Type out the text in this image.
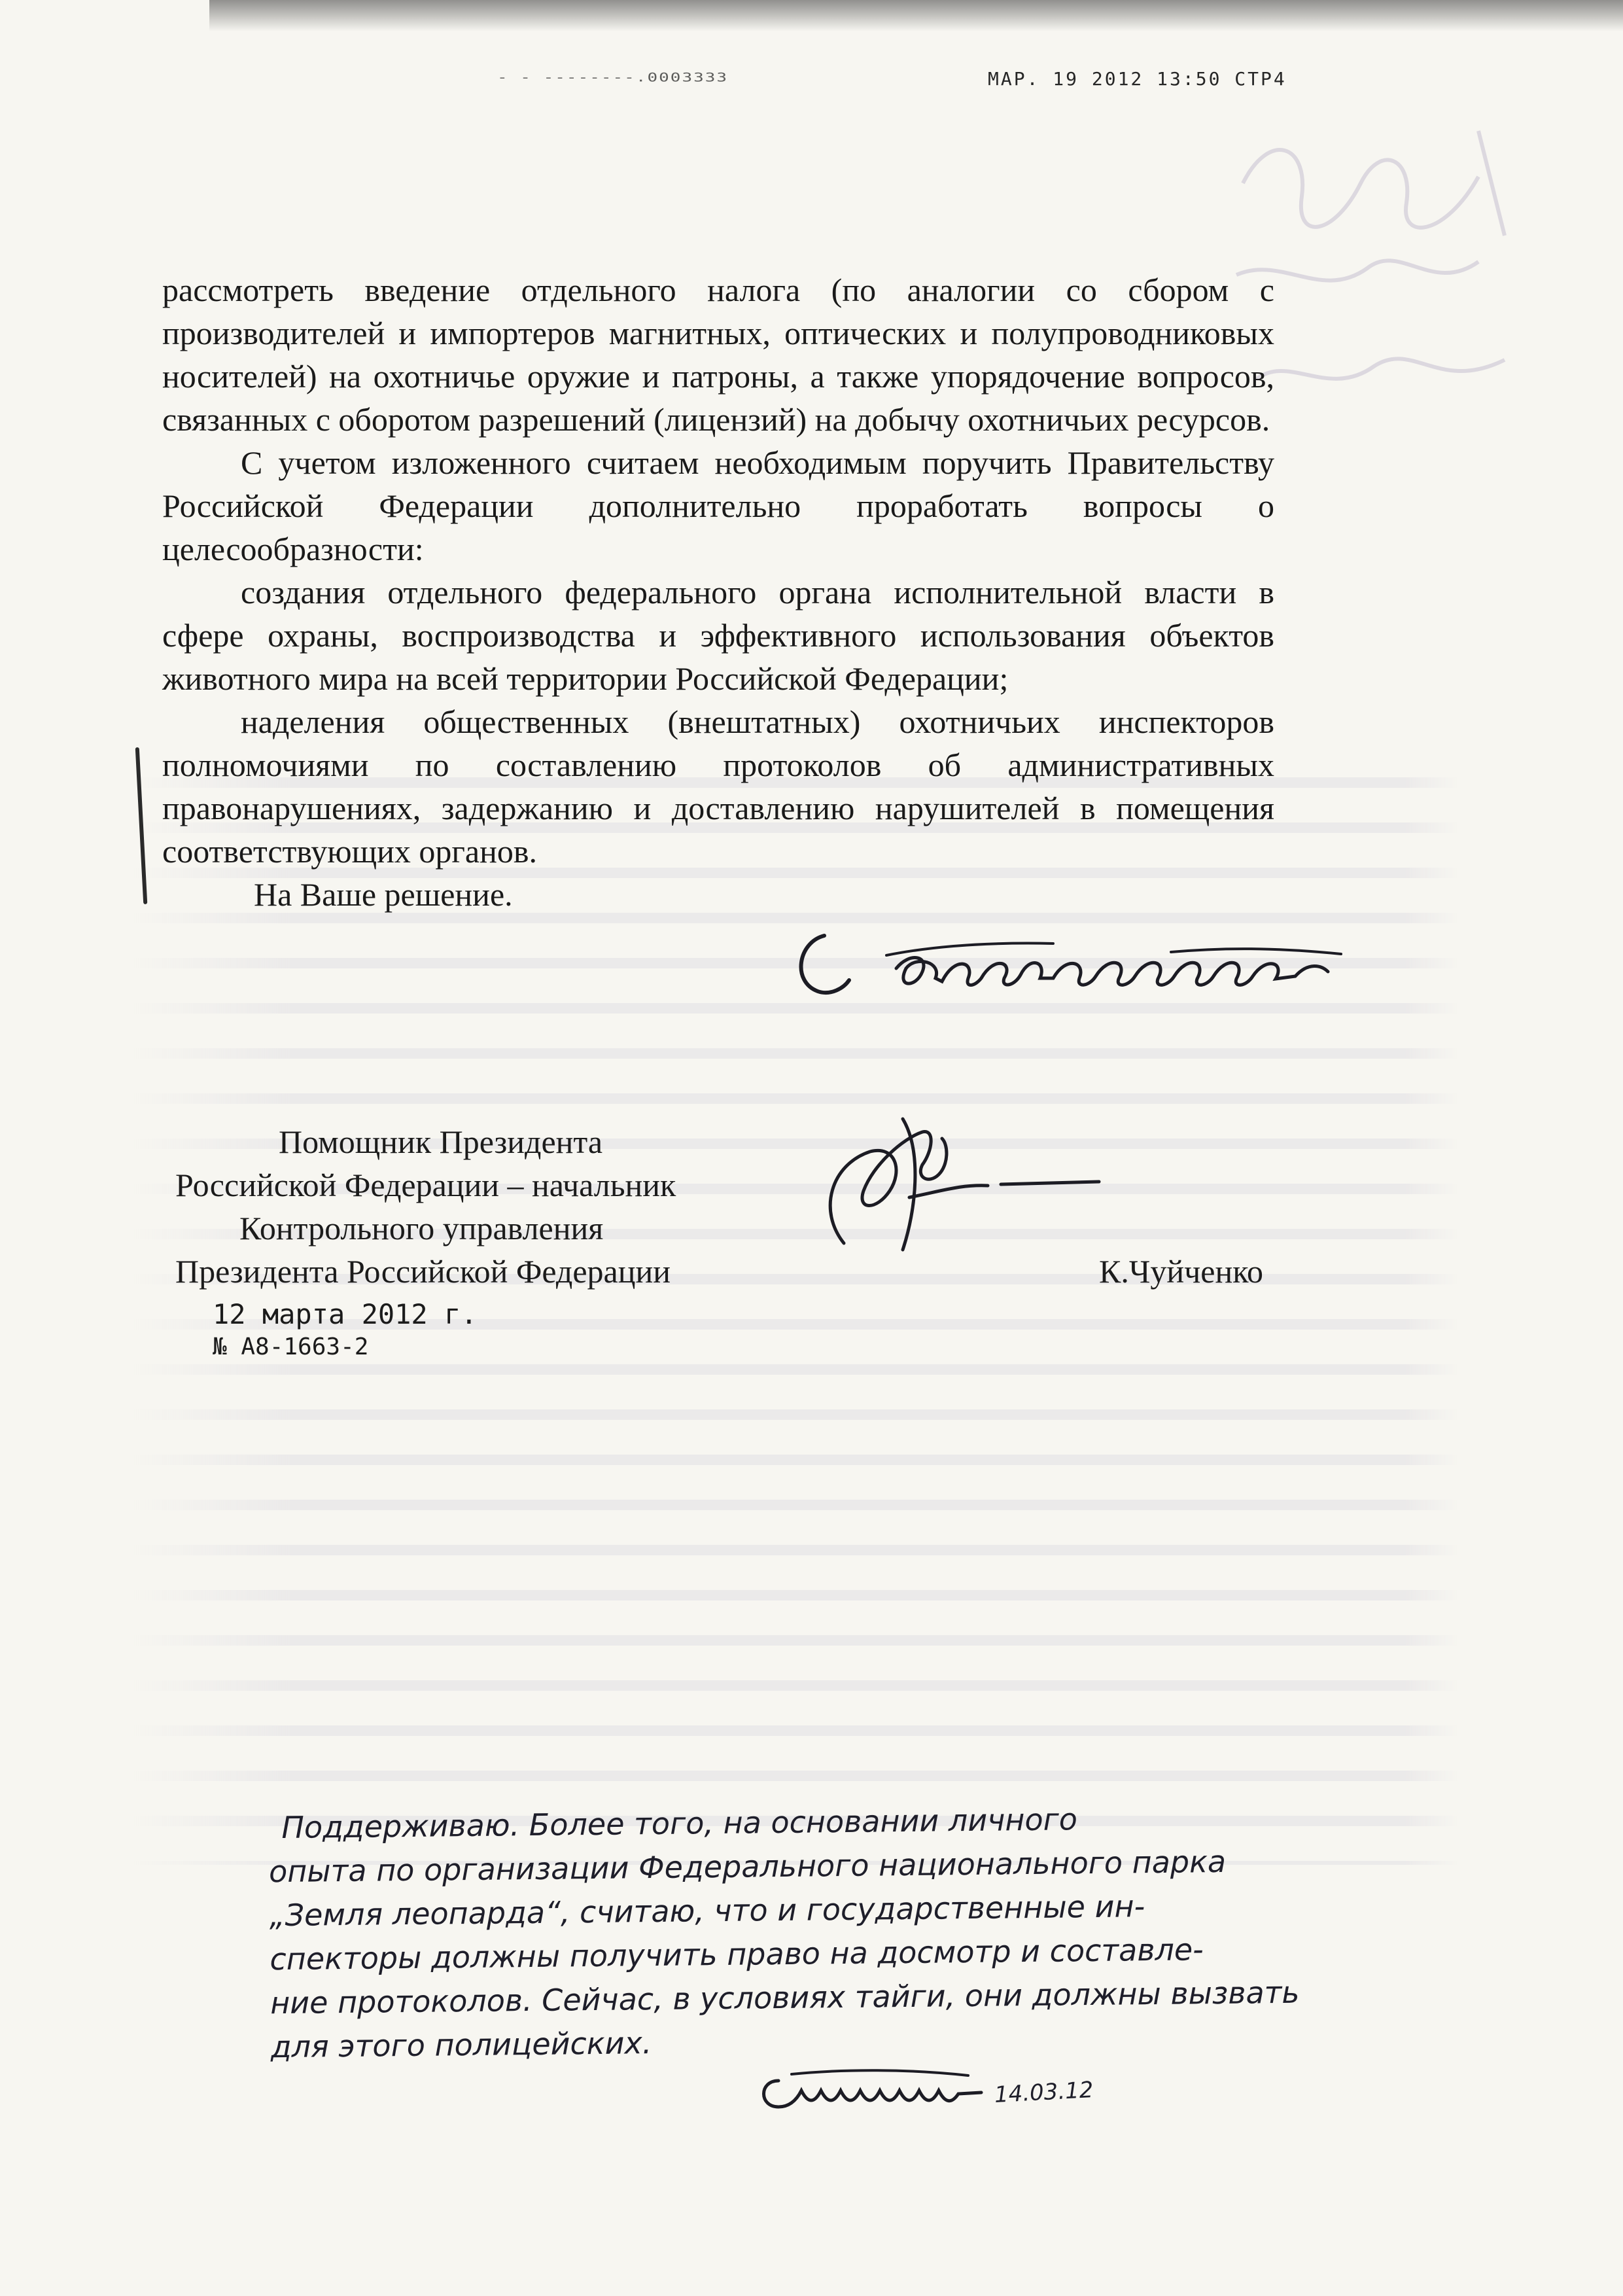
- - --------.0003333	МАР. 19 2012 13:50 СТР4

рассмотреть введение отдельного налога (по аналогии со сбором с производителей и импортеров магнитных, оптических и полупроводниковых носителей) на охотничье оружие и патроны, а также упорядочение вопросов, связанных с оборотом разрешений (лицензий) на добычу охотничьих ресурсов.

С учетом изложенного считаем необходимым поручить Правительству Российской Федерации дополнительно проработать вопросы о целесообразности:

создания отдельного федерального органа исполнительной власти в сфере охраны, воспроизводства и эффективного использования объектов животного мира на всей территории Российской Федерации;

наделения общественных (внештатных) охотничьих инспекторов полномочиями по составлению протоколов об административных правонарушениях, задержанию и доставлению нарушителей в помещения соответствующих органов.

На Ваше решение.

Помощник Президента
Российской Федерации – начальник
Контрольного управления
Президента Российской Федерации	К.Чуйченко
12 марта 2012 г.
№ А8-1663-2
Поддерживаю. Более того, на основании личного
опыта по организации Федерального национального парка
„Земля леопарда“, считаю, что и государственные ин-
спекторы должны получить право на досмотр и составле-
ние протоколов. Сейчас, в условиях тайги, они должны вызвать
для этого полицейских.
14.03.12
